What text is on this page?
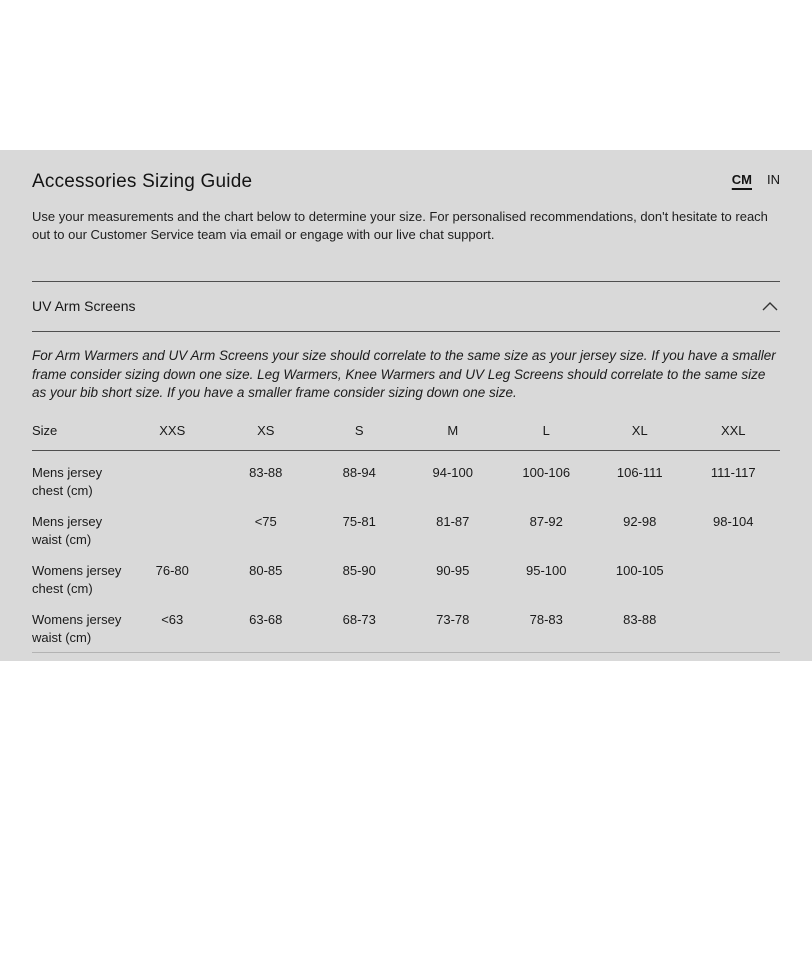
Accessories Sizing Guide	CM IN

Use your measurements and the chart below to determine your size. For personalised recommendations, don't hesitate to reach out to our Customer Service team via email or engage with our live chat support.

UV Arm Screens

For Arm Warmers and UV Arm Screens your size should correlate to the same size as your jersey size. If you have a smaller frame consider sizing down one size. Leg Warmers, Knee Warmers and UV Leg Screens should correlate to the same size as your bib short size. If you have a smaller frame consider sizing down one size.

Size	XXS	XS	S	M	L	XL	XXL
Mens jersey chest (cm)		83-88	88-94	94-100	100-106	106-111	111-117
Mens jersey waist (cm)		<75	75-81	81-87	87-92	92-98	98-104
Womens jersey chest (cm)	76-80	80-85	85-90	90-95	95-100	100-105	
Womens jersey waist (cm)	<63	63-68	68-73	73-78	78-83	83-88	
